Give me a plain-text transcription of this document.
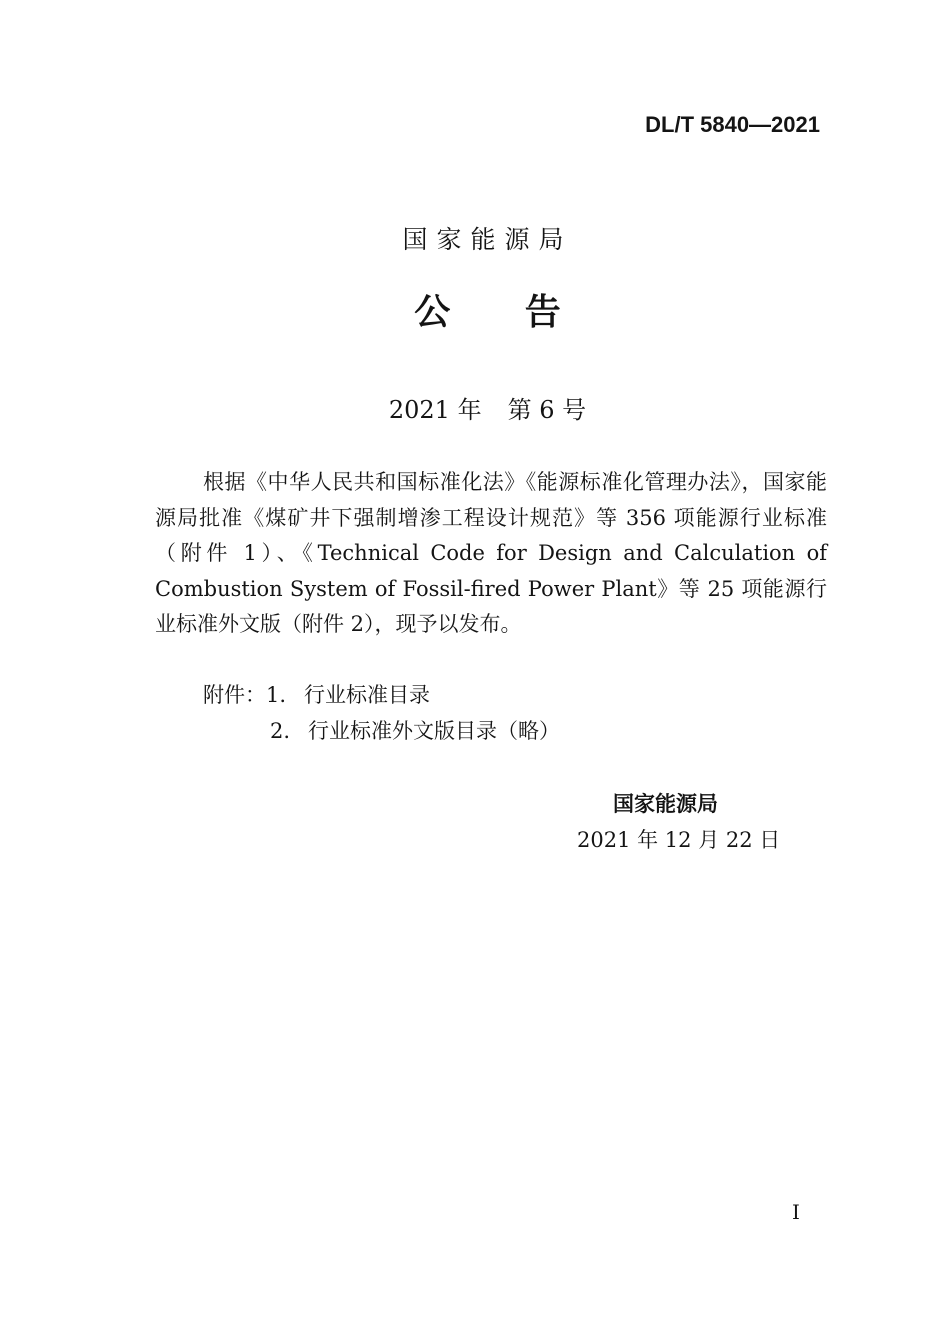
DL/T 5840—2021
国家能源局
公 告
2021 年 第 6 号

根据《中华人民共和国标准化法》《能源标准化管理办法》，国家能源局批准《煤矿井下强制增渗工程设计规范》等 356 项能源行业标准（附件 1）、《Technical Code for Design and Calculation of Combustion System of Fossil-fired Power Plant》等 25 项能源行业标准外文版（附件 2），现予以发布。

附件：1. 行业标准目录
2. 行业标准外文版目录（略）
国家能源局
2021 年 12 月 22 日
I
